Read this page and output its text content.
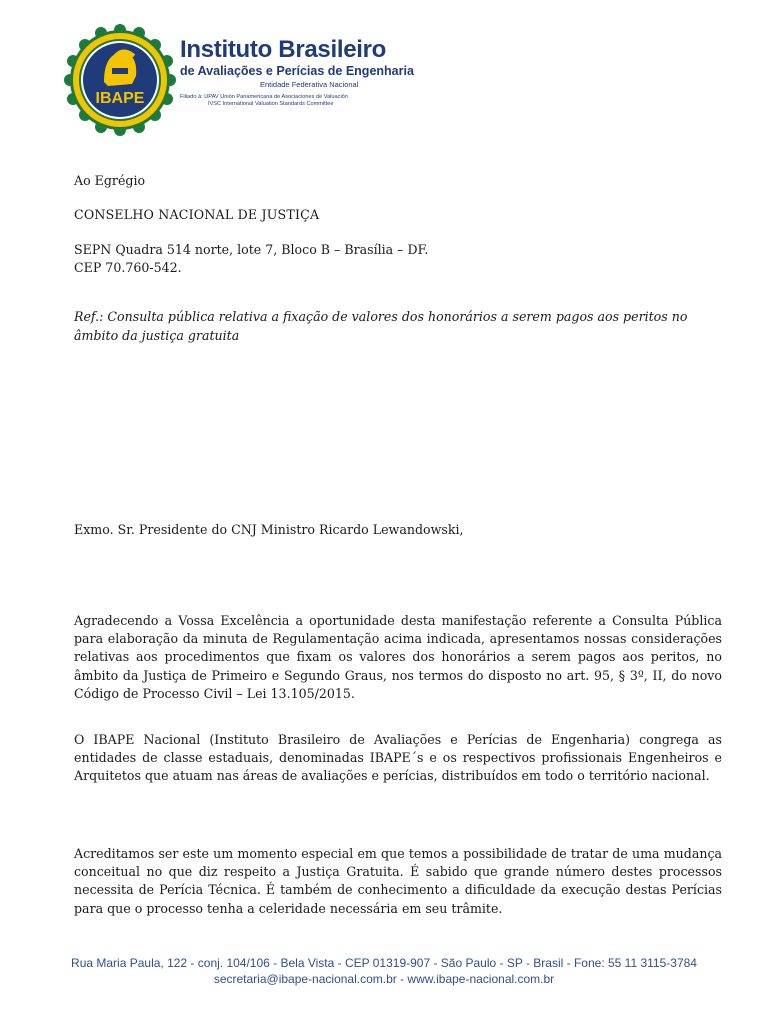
IBAPE
Instituto Brasileiro
de Avaliações e Perícias de Engenharia
Entidade Federativa Nacional
Filiado à: UPAV Unión Panamericana de Asociaciones de Valuación
IVSC International Valuation Standards Committee
Ao Egrégio
CONSELHO NACIONAL DE JUSTIÇA
SEPN Quadra 514 norte, lote 7, Bloco B – Brasília – DF.
CEP 70.760-542.
Ref.: Consulta pública relativa a fixação de valores dos honorários a serem pagos aos peritos no âmbito da justiça gratuita
Exmo. Sr. Presidente do CNJ Ministro Ricardo Lewandowski,
Agradecendo a Vossa Excelência a oportunidade desta manifestação referente a Consulta Pública para elaboração da minuta de Regulamentação acima indicada, apresentamos nossas considerações relativas aos procedimentos que fixam os valores dos honorários a serem pagos aos peritos, no âmbito da Justiça de Primeiro e Segundo Graus, nos termos do disposto no art. 95, § 3º, II, do novo Código de Processo Civil – Lei 13.105/2015.
O IBAPE Nacional (Instituto Brasileiro de Avaliações e Perícias de Engenharia) congrega as entidades de classe estaduais, denominadas IBAPE´s e os respectivos profissionais Engenheiros e Arquitetos que atuam nas áreas de avaliações e perícias, distribuídos em todo o território nacional.
Acreditamos ser este um momento especial em que temos a possibilidade de tratar de uma mudança conceitual no que diz respeito a Justiça Gratuita. É sabido que grande número destes processos necessita de Perícia Técnica. É também de conhecimento a dificuldade da execução destas Perícias para que o processo tenha a celeridade necessária em seu trâmite.
Rua Maria Paula, 122 - conj. 104/106 - Bela Vista - CEP 01319-907 - São Paulo - SP - Brasil - Fone: 55 11 3115-3784
secretaria@ibape-nacional.com.br - www.ibape-nacional.com.br
